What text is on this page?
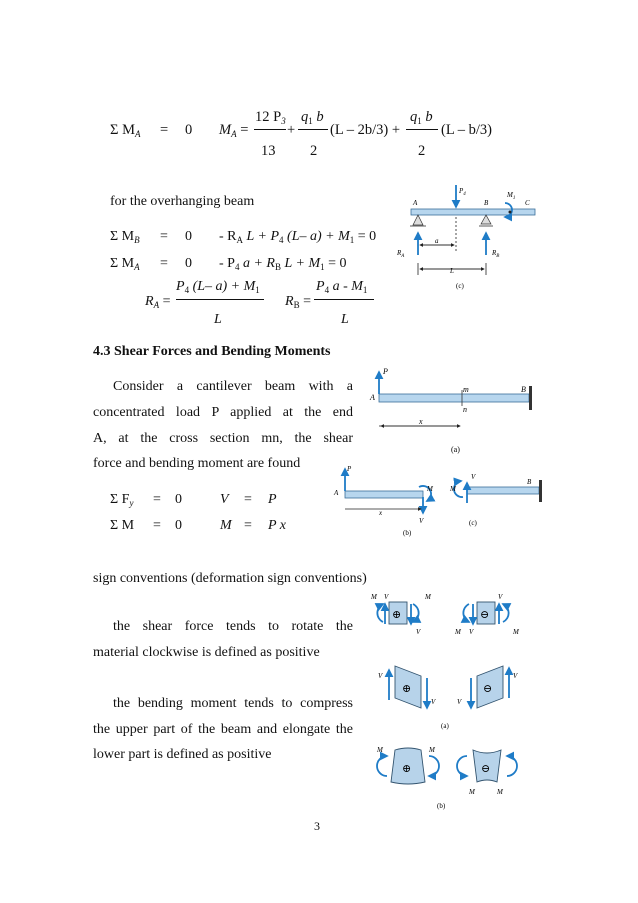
Σ $M_A = 0$ $M_A$ =
12 $P_3$
13
+
$q_1$ b
2
(L – 2b/3) +
$q_1$ b
2
(L – b/3)
for the overhanging beam
Σ $M_B = 0 - R_A$ $L + P_4$ (L– $a) + M_1 = 0$
Σ $M_A = 0 - P_4$ $a + R_B$ $L + M_1 = 0$
$R_A$ =
$P_4$ (L– $a) + M_1$
L
$R_B$ =
$P_4$ a - $M_1$
L
4.3 Shear Forces and Bending Moments
Consider a cantilever beam with a
concentrated load P applied at the end
A, at the cross section mn, the shear
force and bending moment are found
Σ $F_y = 0$	V = P
Σ M = 0	M = P x
sign conventions (deformation sign conventions)
the shear force tends to rotate the
material clockwise is defined as positive
the bending moment tends to compress
the upper part of the beam and elongate the
lower part is defined as positive
3
A	B	C
$P_4$	$M_1$
$R_A$	$R_B$
a
L
(c)
P
A
m
n
B
x
(a)
P
A	M
V
x
(b)
M
V
B
(c)
⊕
M V	M
V
⊖
V
M V	M
⊕
V
V
⊖
V
V
(a)
⊕
M	M
⊖
M	M
(b)
